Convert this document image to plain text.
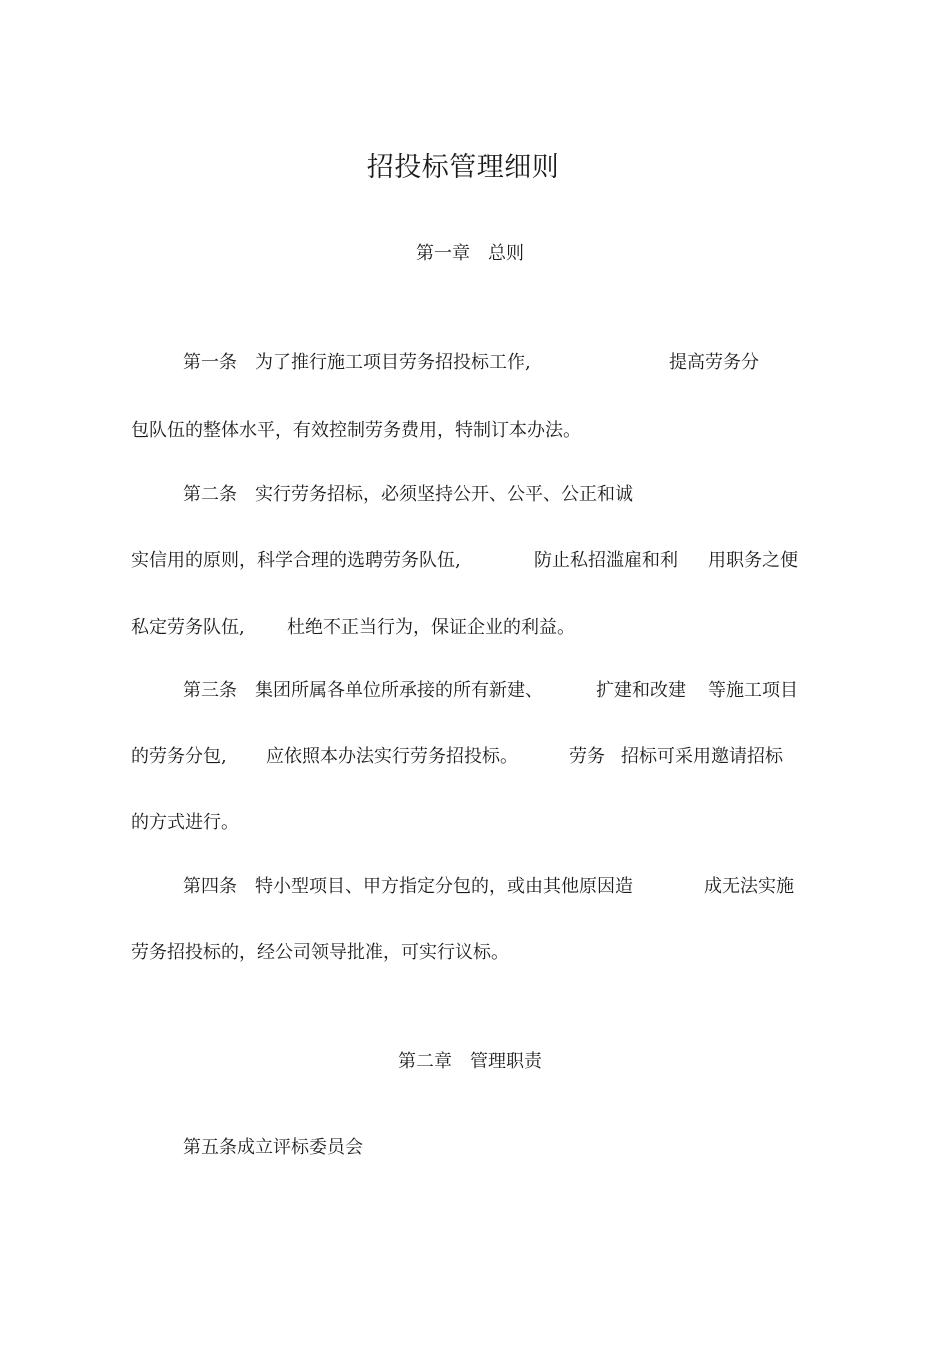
招投标管理细则
第一章　总则
第一条　为了推行施工项目劳务招投标工作,	提高劳务分
包队伍的整体水平，有效控制劳务费用，特制订本办法。
第二条　实行劳务招标，必须坚持公开、公平、公正和诚
实信用的原则，科学合理的选聘劳务队伍,	防止私招滥雇和利 用职务之便
私定劳务队伍, 杜绝不正当行为，保证企业的利益。
第三条　集团所属各单位所承接的所有新建、	扩建和改建 等施工项目
的劳务分包, 应依照本办法实行劳务招投标。	劳务 招标可采用邀请招标
的方式进行。
第四条　特小型项目、甲方指定分包的，或由其他原因造	成无法实施
劳务招投标的，经公司领导批准，可实行议标。
第二章　管理职责
第五条成立评标委员会
